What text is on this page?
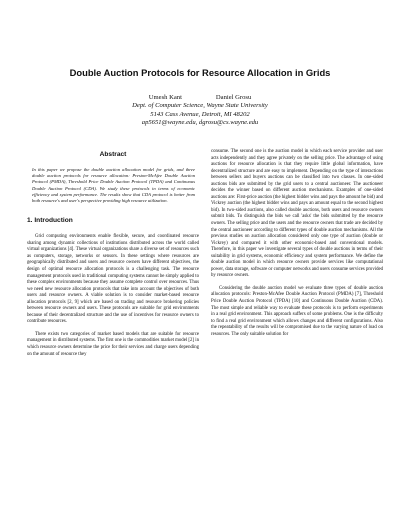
Double Auction Protocols for Resource Allocation in Grids
Umesh Kant	Daniel Grosu
Dept. of Computer Science, Wayne State University
5143 Cass Avenue, Detroit, MI 48202
ap5651@wayne.edu, dgrosu@cs.wayne.edu
Abstract
In this paper we propose the double auction allocation model for grids, and three double auction protocols for resource allocation: Preston-McAfee Double Auction Protocol (PMDA), Threshold Price Double Auction Protocol (TPDA) and Continuous Double Auction Protocol (CDA). We study these protocols in terms of economic efficiency and system performance. The results show that CDA protocol is better from both resource's and user's perspective providing high resource utilization.
1. Introduction

Grid computing environments enable flexible, secure, and coordinated resource sharing among dynamic collections of institutions distributed across the world called virtual organizations [4]. These virtual organizations share a diverse set of resources such as computers, storage, networks or sensors. In these settings where resources are geographically distributed and users and resource owners have different objectives, the design of optimal resource allocation protocols is a challenging task. The resource management protocols used in traditional computing systems cannot be simply applied to these complex environments because they assume complete control over resources. Thus we need new resource allocation protocols that take into account the objectives of both users and resource owners. A viable solution is to consider market-based resource allocation protocols [2, 9] which are based on trading and resource brokering policies between resource owners and users. These protocols are suitable for grid environments because of their decentralized structure and the use of incentives for resource owners to contribute resources.

There exists two categories of market based models that are suitable for resource management in distributed systems. The first one is the commodities market model [2] in which resource owners determine the price for their services and charge users depending on the amount of resource they

consume. The second one is the auction model in which each service provider and user acts independently and they agree privately on the selling price. The advantage of using auctions for resource allocation is that they require little global information, have decentralized structure and are easy to implement. Depending on the type of interactions between sellers and buyers auctions can be classified into two classes. In one-sided auctions bids are submitted by the grid users to a central auctioneer. The auctioneer decides the winner based on different auction mechanisms. Examples of one-sided auctions are: First-price auction (the highest bidder wins and pays the amount he bid) and Vickrey auction (the highest bidder wins and pays an amount equal to the second highest bid). In two-sided auctions, also called double auctions, both users and resource owners submit bids. To distinguish the bids we call 'asks' the bids submitted by the resource owners. The selling price and the users and the resource owners that trade are decided by the central auctioneer according to different types of double auction mechanisms. All the previous studies on auction allocation considered only one type of auction (double or Vickrey) and compared it with other economic-based and conventional models. Therefore, in this paper we investigate several types of double auctions in terms of their suitability in grid systems, economic efficiency and system performance. We define the double auction model in which resource owners provide services like computational power, data storage, software or computer networks and users consume services provided by resource owners.

Considering the double auction model we evaluate three types of double auction allocation protocols: Preston-McAfee Double Auction Protocol (PMDA) [7], Threshold Price Double Auction Protocol (TPDA) [10] and Continuous Double Auction (CDA). The most simple and reliable way to evaluate these protocols is to perform experiments in a real grid environment. This approach suffers of some problems. One is the difficulty to find a real grid environment which allows changes and different configurations. Also the repeatability of the results will be compromised due to the varying nature of load on resources. The only suitable solution for
